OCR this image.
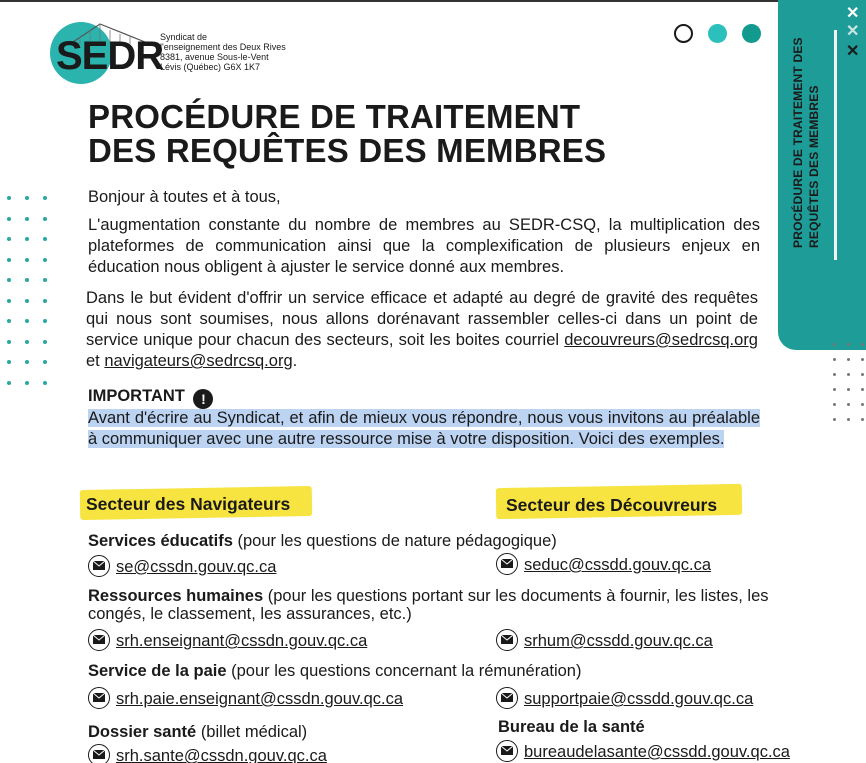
SEDR
Syndicat de
l'enseignement des Deux Rives
8381, avenue Sous-le-Vent
Lévis (Québec) G6X 1K7	PROCÉDURE DE TRAITEMENT DES REQUÊTES DES MEMBRES
✕
✕
✕
PROCÉDURE DE TRAITEMENT
DES REQUÊTES DES MEMBRES
Bonjour à toutes et à tous,
L'augmentation constante du nombre de membres au SEDR-CSQ, la multiplication des plateformes de communication ainsi que la complexification de plusieurs enjeux en éducation nous obligent à ajuster le service donné aux membres.
Dans le but évident d'offrir un service efficace et adapté au degré de gravité des requêtes qui nous sont soumises, nous allons dorénavant rassembler celles-ci dans un point de service unique pour chacun des secteurs, soit les boites courriel decouvreurs@sedrcsq.org et navigateurs@sedrcsq.org.
IMPORTANT !
Avant d'écrire au Syndicat, et afin de mieux vous répondre, nous vous invitons au préalable à communiquer avec une autre ressource mise à votre disposition. Voici des exemples.
Secteur des Navigateurs	Secteur des Découvreurs
Services éducatifs (pour les questions de nature pédagogique)
se@cssdn.gouv.qc.ca	seduc@cssdd.gouv.qc.ca
Ressources humaines (pour les questions portant sur les documents à fournir, les listes, les congés, le classement, les assurances, etc.)
srh.enseignant@cssdn.gouv.qc.ca	srhum@cssdd.gouv.qc.ca
Service de la paie (pour les questions concernant la rémunération)
srh.paie.enseignant@cssdn.gouv.qc.ca	supportpaie@cssdd.gouv.qc.ca
Dossier santé (billet médical)	Bureau de la santé
srh.sante@cssdn.gouv.qc.ca	bureaudelasante@cssdd.gouv.qc.ca
